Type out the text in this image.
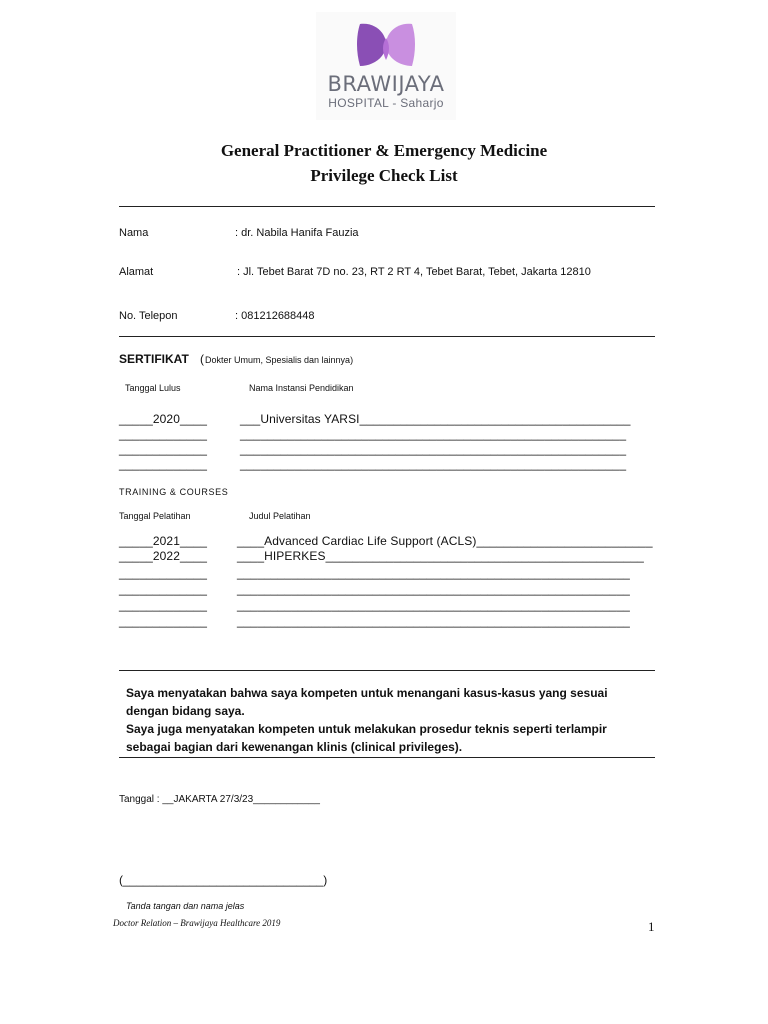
BRAWIJAYA
HOSPITAL - Saharjo
General Practitioner & Emergency Medicine
Privilege Check List
Nama	: dr. Nabila Hanifa Fauzia
Alamat	: Jl. Tebet Barat 7D no. 23, RT 2 RT 4, Tebet Barat, Tebet, Jakarta 12810
No. Telepon	: 081212688448
SERTIFIKAT ( Dokter Umum, Spesialis dan lainnya)
Tanggal Lulus	Nama Instansi Pendidikan
_____2020____	___Universitas YARSI________________________________________
_____________	_________________________________________________________
_____________	_________________________________________________________
_____________	_________________________________________________________
TRAINING & COURSES
Tanggal Pelatihan	Judul Pelatihan
_____2021____ ____Advanced Cardiac Life Support (ACLS)__________________________
_____2022____ ____HIPERKES_______________________________________________
_____________ __________________________________________________________
_____________ __________________________________________________________
_____________ __________________________________________________________
_____________ __________________________________________________________
Saya menyatakan bahwa saya kompeten untuk menangani kasus-kasus yang sesuai
dengan bidang saya.
Saya juga menyatakan kompeten untuk melakukan prosedur teknis seperti terlampir
sebagai bagian dari kewenangan klinis (clinical privileges).
Tanggal : __JAKARTA 27/3/23____________
(______________________________)
Tanda tangan dan nama jelas
Doctor Relation – Brawijaya Healthcare 2019	1
